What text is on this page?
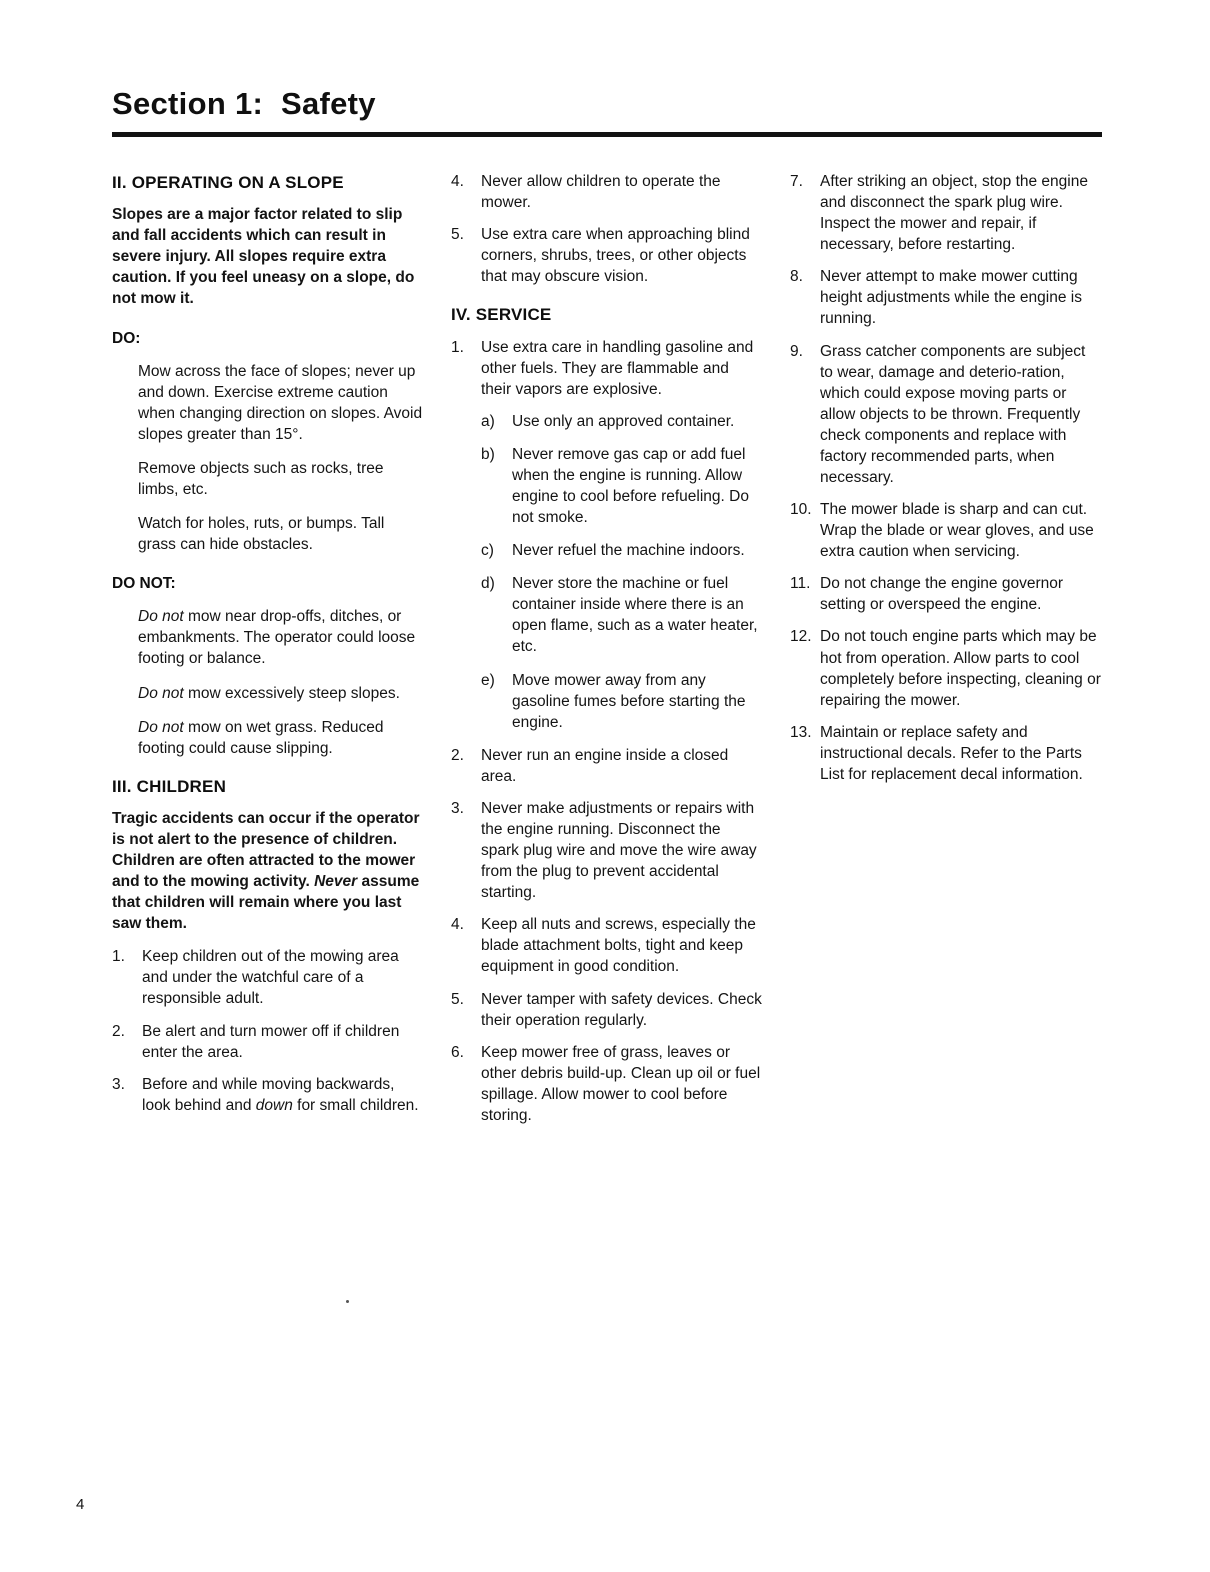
Section 1:  Safety
II. OPERATING ON A SLOPE

Slopes are a major factor related to slip and fall accidents which can result in severe injury. All slopes require extra caution. If you feel uneasy on a slope, do not mow it.

DO:

Mow across the face of slopes; never up and down. Exercise extreme caution when changing direction on slopes. Avoid slopes greater than 15°.

Remove objects such as rocks, tree limbs, etc.

Watch for holes, ruts, or bumps. Tall grass can hide obstacles.

DO NOT:

Do not mow near drop-offs, ditches, or embankments. The operator could loose footing or balance.

Do not mow excessively steep slopes.

Do not mow on wet grass. Reduced footing could cause slipping.

III. CHILDREN

Tragic accidents can occur if the operator is not alert to the presence of children. Children are often attracted to the mower and to the mowing activity. Never assume that children will remain where you last saw them.

1.	Keep children out of the mowing area and under the watchful care of a responsible adult.
2.	Be alert and turn mower off if children enter the area.
3.	Before and while moving backwards, look behind and down for small children.
4.	Never allow children to operate the mower.
5.	Use extra care when approaching blind corners, shrubs, trees, or other objects that may obscure vision.
IV. SERVICE
1.	Use extra care in handling gasoline and other fuels. They are flammable and their vapors are explosive.
a)	Use only an approved container.
b)	Never remove gas cap or add fuel when the engine is running. Allow engine to cool before refueling. Do not smoke.
c)	Never refuel the machine indoors.
d)	Never store the machine or fuel container inside where there is an open flame, such as a water heater, etc.
e)	Move mower away from any gasoline fumes before starting the engine.
2.	Never run an engine inside a closed area.
3.	Never make adjustments or repairs with the engine running. Disconnect the spark plug wire and move the wire away from the plug to prevent accidental starting.
4.	Keep all nuts and screws, especially the blade attachment bolts, tight and keep equipment in good condition.
5.	Never tamper with safety devices. Check their operation regularly.
6.	Keep mower free of grass, leaves or other debris build-up. Clean up oil or fuel spillage. Allow mower to cool before storing.
7.	After striking an object, stop the engine and disconnect the spark plug wire. Inspect the mower and repair, if necessary, before restarting.
8.	Never attempt to make mower cutting height adjustments while the engine is running.
9.	Grass catcher components are subject to wear, damage and deterio-ration, which could expose moving parts or allow objects to be thrown. Frequently check components and replace with factory recommended parts, when necessary.
10. The mower blade is sharp and can cut. Wrap the blade or wear gloves, and use extra caution when servicing.
11. Do not change the engine governor setting or overspeed the engine.
12. Do not touch engine parts which may be hot from operation. Allow parts to cool completely before inspecting, cleaning or repairing the mower.
13. Maintain or replace safety and instructional decals. Refer to the Parts List for replacement decal information.
4
